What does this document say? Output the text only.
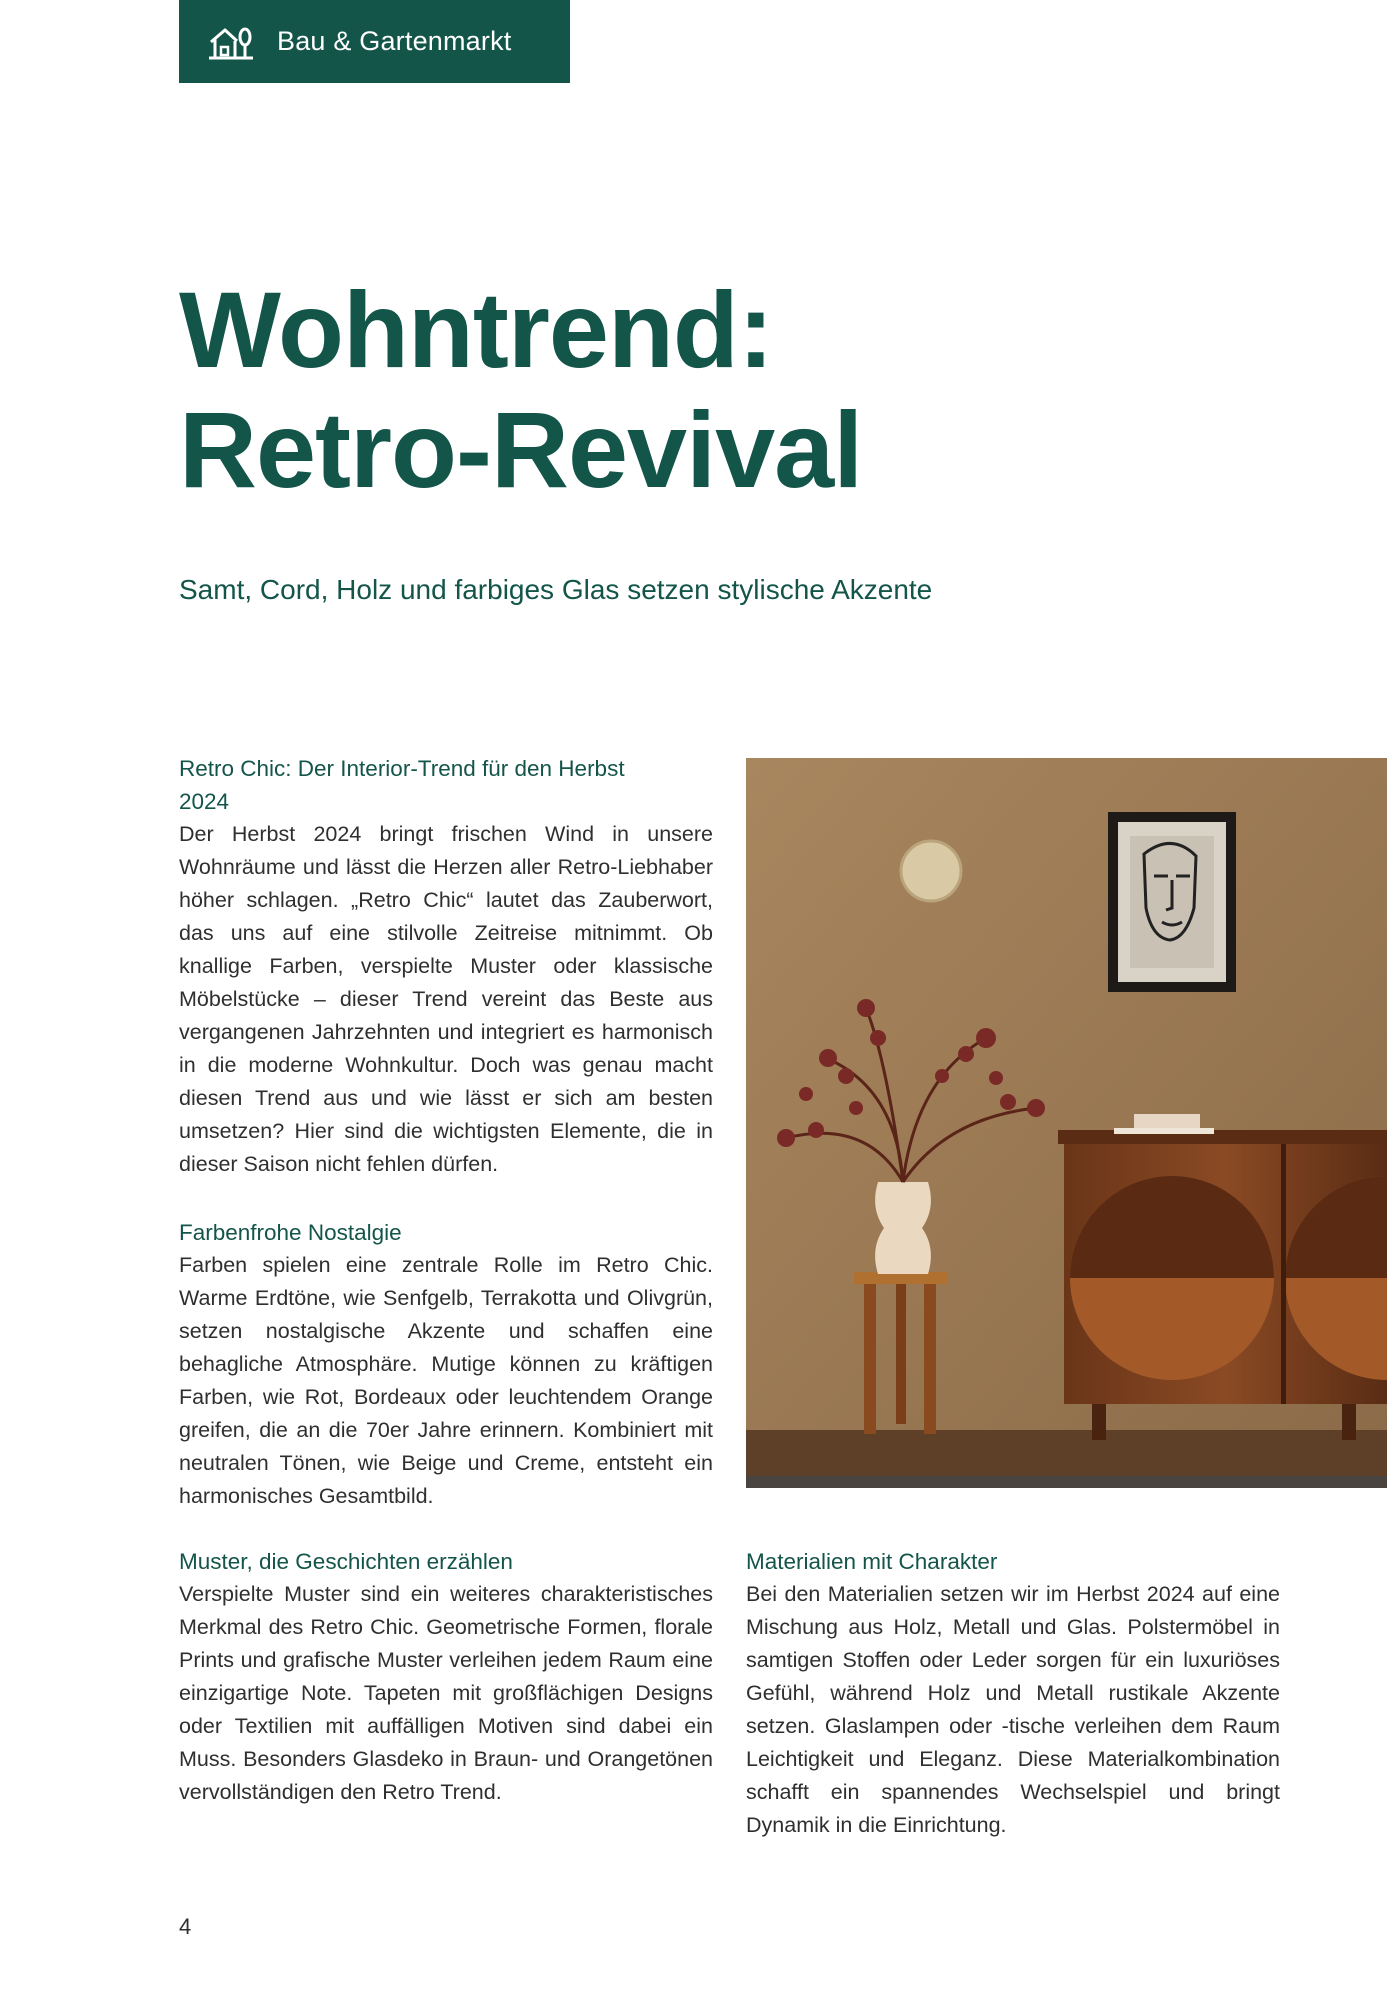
Bau & Gartenmarkt
Wohntrend:
Retro-Revival

Samt, Cord, Holz und farbiges Glas setzen stylische Akzente

Retro Chic: Der Interior-Trend für den Herbst 2024

Der Herbst 2024 bringt frischen Wind in unsere Wohnräume und lässt die Herzen aller Retro-Liebhaber höher schlagen. „Retro Chic“ lautet das Zauberwort, das uns auf eine stilvolle Zeitreise mitnimmt. Ob knallige Farben, verspielte Muster oder klassische Möbelstücke – dieser Trend vereint das Beste aus vergangenen Jahrzehnten und integriert es harmonisch in die moderne Wohnkultur. Doch was genau macht diesen Trend aus und wie lässt er sich am besten umsetzen? Hier sind die wichtigsten Elemente, die in dieser Saison nicht fehlen dürfen.

Farbenfrohe Nostalgie

Farben spielen eine zentrale Rolle im Retro Chic. Warme Erdtöne, wie Senfgelb, Terrakotta und Olivgrün, setzen nostalgische Akzente und schaffen eine behagliche Atmosphäre. Mutige können zu kräftigen Farben, wie Rot, Bordeaux oder leuchtendem Orange greifen, die an die 70er Jahre erinnern. Kombiniert mit neutralen Tönen, wie Beige und Creme, entsteht ein harmonisches Gesamtbild.

Muster, die Geschichten erzählen

Verspielte Muster sind ein weiteres charakteristisches Merkmal des Retro Chic. Geometrische Formen, florale Prints und grafische Muster verleihen jedem Raum eine einzigartige Note. Tapeten mit großflächigen Designs oder Textilien mit auffälligen Motiven sind dabei ein Muss. Besonders Glasdeko in Braun- und Orangetönen vervollständigen den Retro Trend.

Materialien mit Charakter

Bei den Materialien setzen wir im Herbst 2024 auf eine Mischung aus Holz, Metall und Glas. Polstermöbel in samtigen Stoffen oder Leder sorgen für ein luxuriöses Gefühl, während Holz und Metall rustikale Akzente setzen. Glaslampen oder -tische verleihen dem Raum Leichtigkeit und Eleganz. Diese Materialkombination schafft ein spannendes Wechselspiel und bringt Dynamik in die Einrichtung.

4
